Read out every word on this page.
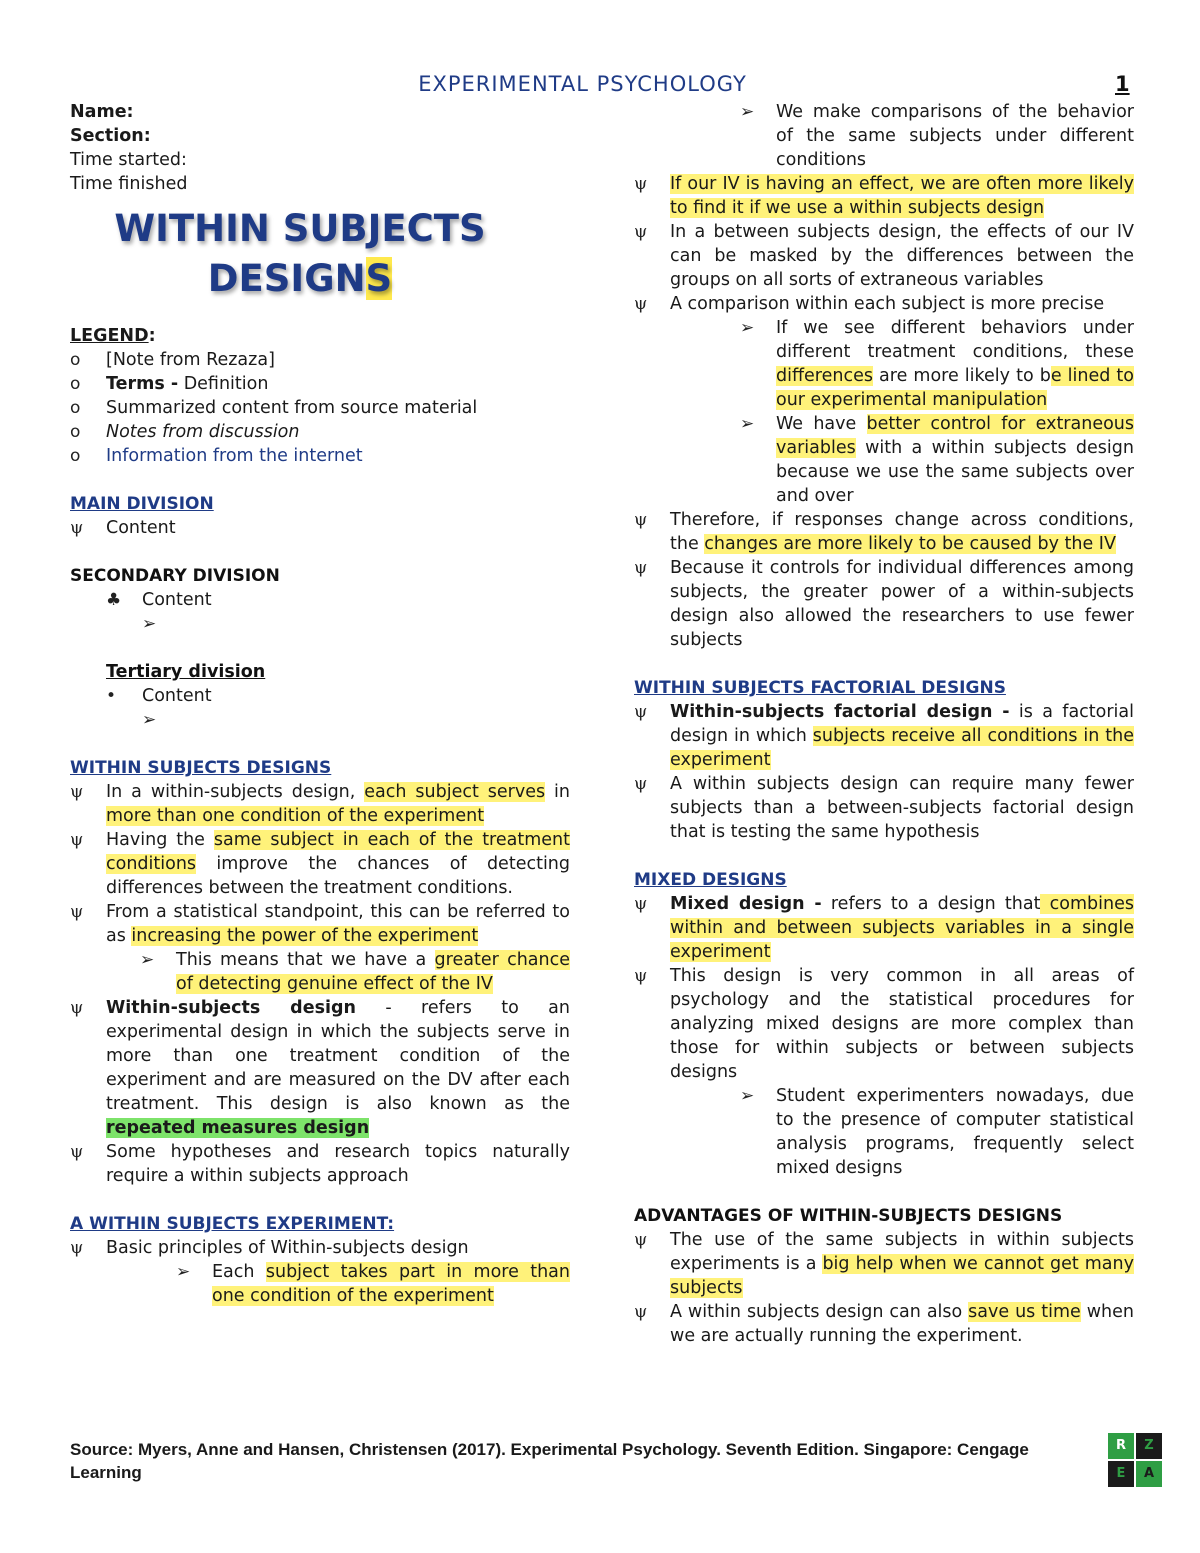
EXPERIMENTAL PSYCHOLOGY	1
Name:
Section:
Time started:
Time finished
WITHIN SUBJECTS
DESIGNS
LEGEND:
o	[Note from Rezaza]
o	Terms - Definition
o	Summarized content from source material
o	Notes from discussion
o	Information from the internet
MAIN DIVISION
ψ	Content
SECONDARY DIVISION
♣	Content
➢
Tertiary division
•	Content
➢
WITHIN SUBJECTS DESIGNS
ψ	In a within-subjects design, each subject serves in more than one condition of the experiment
ψ	Having the same subject in each of the treatment conditions improve the chances of detecting differences between the treatment conditions.
ψ	From a statistical standpoint, this can be referred to as increasing the power of the experiment
➢	This means that we have a greater chance of detecting genuine effect of the IV
ψ	Within-subjects design - refers to an experimental design in which the subjects serve in more than one treatment condition of the experiment and are measured on the DV after each treatment. This design is also known as the repeated measures design
ψ	Some hypotheses and research topics naturally require a within subjects approach
A WITHIN SUBJECTS EXPERIMENT:
ψ	Basic principles of Within-subjects design
➢	Each subject takes part in more than one condition of the experiment
➢	We make comparisons of the behavior of the same subjects under different conditions
ψ	If our IV is having an effect, we are often more likely to find it if we use a within subjects design
ψ	In a between subjects design, the effects of our IV can be masked by the differences between the groups on all sorts of extraneous variables
ψ	A comparison within each subject is more precise
➢	If we see different behaviors under different treatment conditions, these differences are more likely to be lined to our experimental manipulation
➢	We have better control for extraneous variables with a within subjects design because we use the same subjects over and over
ψ	Therefore, if responses change across conditions, the changes are more likely to be caused by the IV
ψ	Because it controls for individual differences among subjects, the greater power of a within-subjects design also allowed the researchers to use fewer subjects
WITHIN SUBJECTS FACTORIAL DESIGNS
ψ	Within-subjects factorial design - is a factorial design in which subjects receive all conditions in the experiment
ψ	A within subjects design can require many fewer subjects than a between-subjects factorial design that is testing the same hypothesis
MIXED DESIGNS
ψ	Mixed design - refers to a design that combines within and between subjects variables in a single experiment
ψ	This design is very common in all areas of psychology and the statistical procedures for analyzing mixed designs are more complex than those for within subjects or between subjects designs
➢	Student experimenters nowadays, due to the presence of computer statistical analysis programs, frequently select mixed designs
ADVANTAGES OF WITHIN-SUBJECTS DESIGNS
ψ	The use of the same subjects in within subjects experiments is a big help when we cannot get many subjects
ψ	A within subjects design can also save us time when we are actually running the experiment.
Source: Myers, Anne and Hansen, Christensen (2017). Experimental Psychology. Seventh Edition. Singapore: Cengage Learning
R	Z
E	A
